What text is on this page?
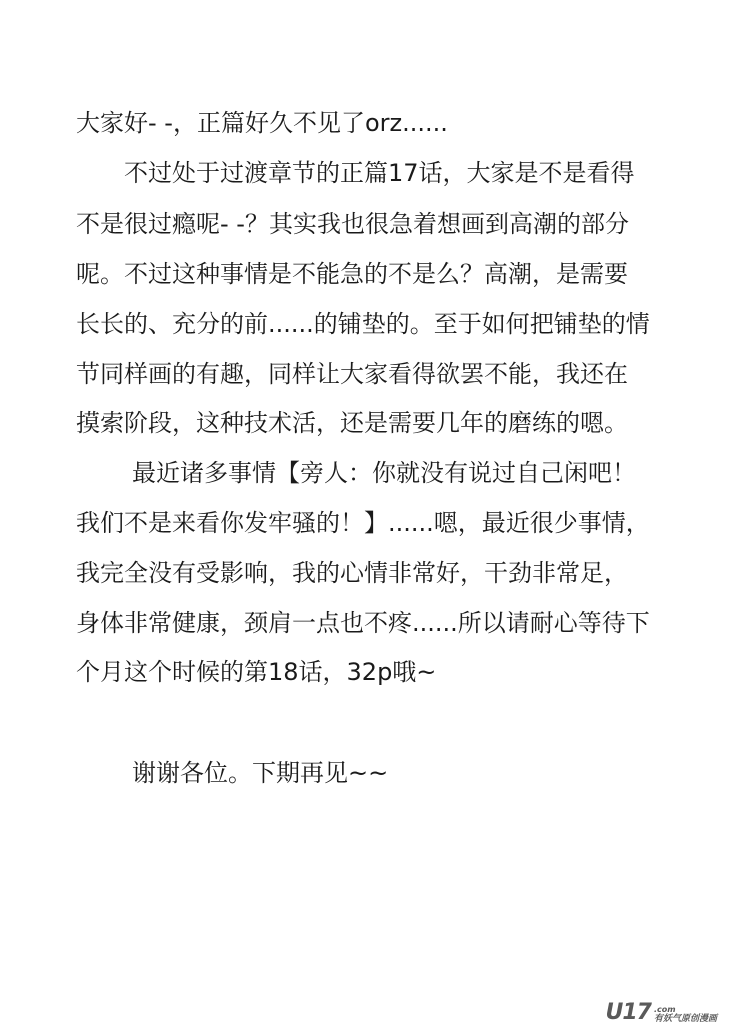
大家好- -，正篇好久不见了orz......
不过处于过渡章节的正篇17话，大家是不是看得
不是很过瘾呢- -？其实我也很急着想画到高潮的部分
呢。不过这种事情是不能急的不是么？高潮，是需要
长长的、充分的前......的铺垫的。至于如何把铺垫的情
节同样画的有趣，同样让大家看得欲罢不能，我还在
摸索阶段，这种技术活，还是需要几年的磨练的嗯。
最近诸多事情【旁人：你就没有说过自己闲吧！
我们不是来看你发牢骚的！】......嗯，最近很少事情，
我完全没有受影响，我的心情非常好，干劲非常足，
身体非常健康，颈肩一点也不疼......所以请耐心等待下
个月这个时候的第18话，32p哦~
谢谢各位。下期再见~~
U17 .com
有妖气原创漫画
